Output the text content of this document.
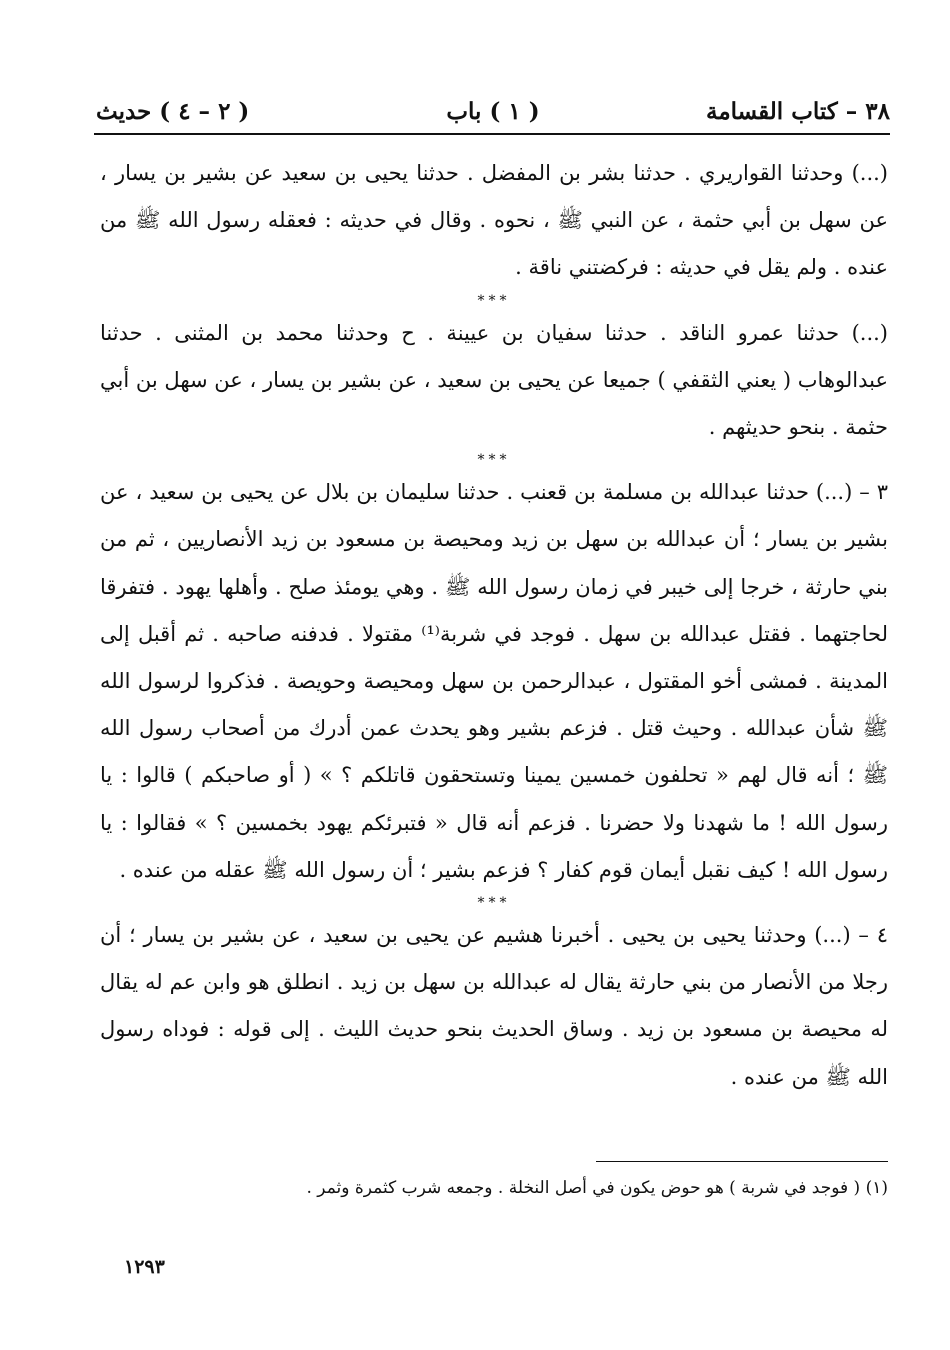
٣٨ – كتاب القسامة
( ١ ) باب
( ٢ – ٤ ) حديث

(...) وحدثنا القواريري . حدثنا بشر بن المفضل . حدثنا يحيى بن سعيد عن بشير بن يسار ، عن سهل بن أبي حثمة ، عن النبي ﷺ ، نحوه . وقال في حديثه : فعقله رسول الله ﷺ من عنده . ولم يقل في حديثه : فركضتني ناقة .

***

(...) حدثنا عمرو الناقد . حدثنا سفيان بن عيينة . ح وحدثنا محمد بن المثنى . حدثنا عبدالوهاب ( يعني الثقفي ) جميعا عن يحيى بن سعيد ، عن بشير بن يسار ، عن سهل بن أبي حثمة . بنحو حديثهم .

***

٣ – (...) حدثنا عبدالله بن مسلمة بن قعنب . حدثنا سليمان بن بلال عن يحيى بن سعيد ، عن بشير بن يسار ؛ أن عبدالله بن سهل بن زيد ومحيصة بن مسعود بن زيد الأنصاريين ، ثم من بني حارثة ، خرجا إلى خيبر في زمان رسول الله ﷺ . وهي يومئذ صلح . وأهلها يهود . فتفرقا لحاجتهما . فقتل عبدالله بن سهل . فوجد في شربة⁽¹⁾ مقتولا . فدفنه صاحبه . ثم أقبل إلى المدينة . فمشى أخو المقتول ، عبدالرحمن بن سهل ومحيصة وحويصة . فذكروا لرسول الله ﷺ شأن عبدالله . وحيث قتل . فزعم بشير وهو يحدث عمن أدرك من أصحاب رسول الله ﷺ ؛ أنه قال لهم « تحلفون خمسين يمينا وتستحقون قاتلكم ؟ » ( أو صاحبكم ) قالوا : يا رسول الله ! ما شهدنا ولا حضرنا . فزعم أنه قال « فتبرئكم يهود بخمسين ؟ » فقالوا : يا رسول الله ! كيف نقبل أيمان قوم كفار ؟ فزعم بشير ؛ أن رسول الله ﷺ عقله من عنده .

***

٤ – (...) وحدثنا يحيى بن يحيى . أخبرنا هشيم عن يحيى بن سعيد ، عن بشير بن يسار ؛ أن رجلا من الأنصار من بني حارثة يقال له عبدالله بن سهل بن زيد . انطلق هو وابن عم له يقال له محيصة بن مسعود بن زيد . وساق الحديث بنحو حديث الليث . إلى قوله : فوداه رسول الله ﷺ من عنده .

(١) ( فوجد في شربة ) هو حوض يكون في أصل النخلة . وجمعه شرب كثمرة وثمر .
١٢٩٣
